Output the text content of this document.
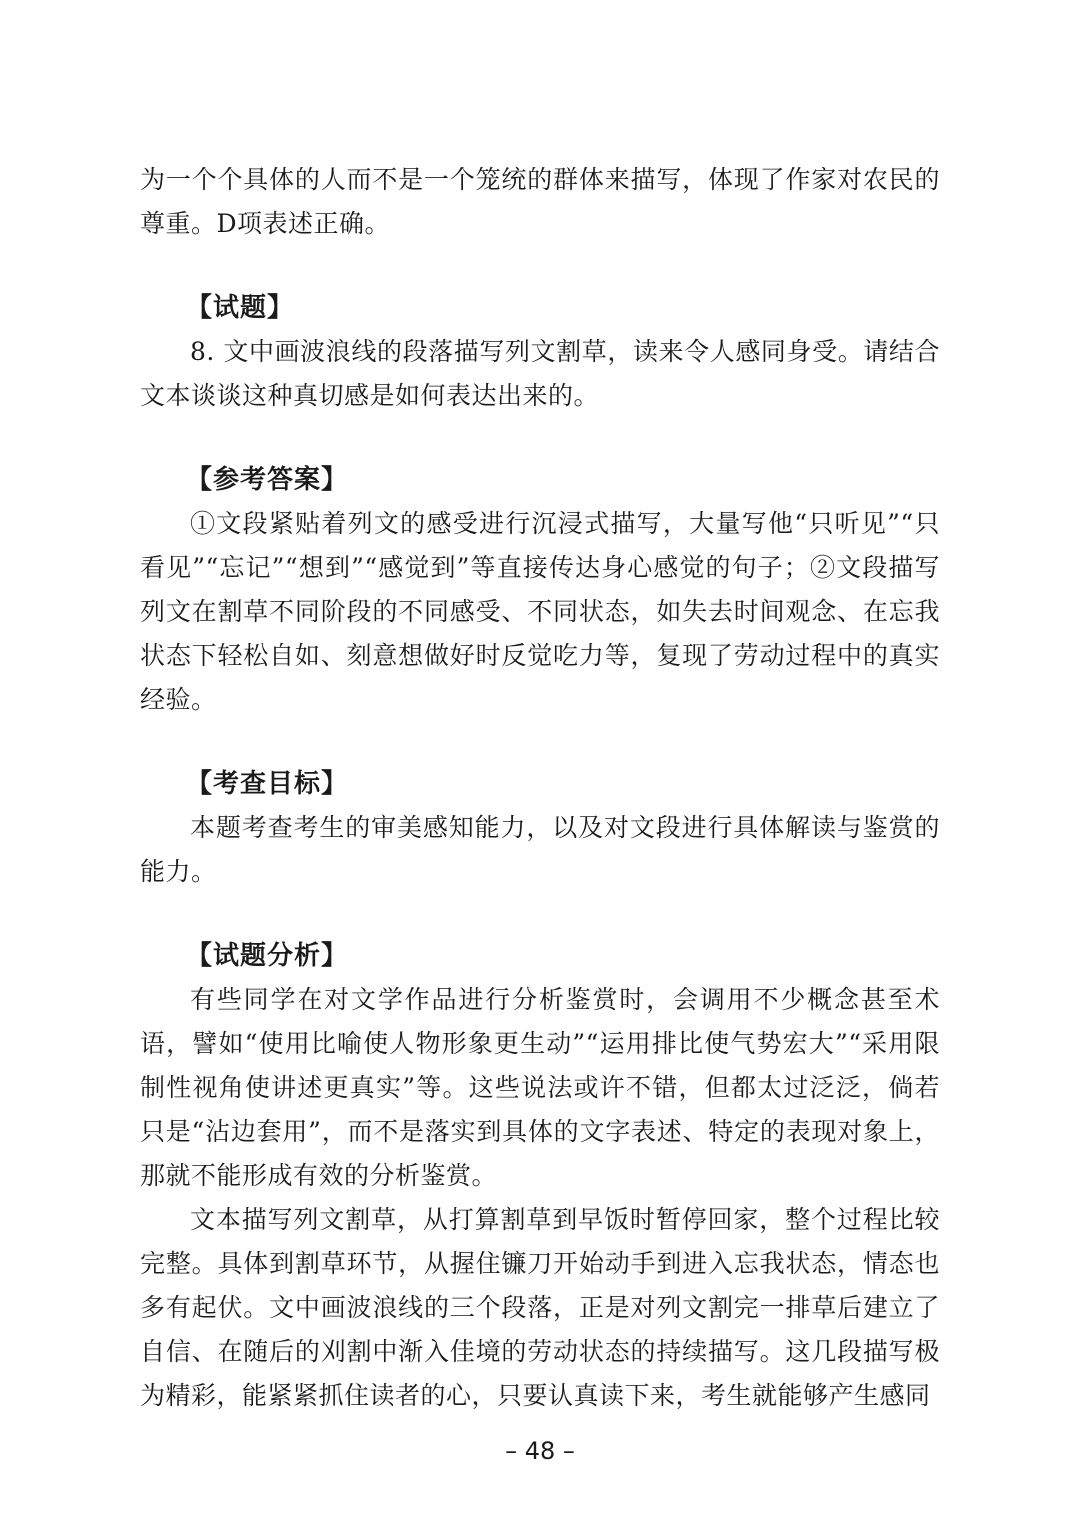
为一个个具体的人而不是一个笼统的群体来描写，体现了作家对农民的尊重。D项表述正确。

【试题】

8. 文中画波浪线的段落描写列文割草，读来令人感同身受。请结合文本谈谈这种真切感是如何表达出来的。

【参考答案】

①文段紧贴着列文的感受进行沉浸式描写，大量写他“只听见”“只看见”“忘记”“想到”“感觉到”等直接传达身心感觉的句子；②文段描写列文在割草不同阶段的不同感受、不同状态，如失去时间观念、在忘我状态下轻松自如、刻意想做好时反觉吃力等，复现了劳动过程中的真实经验。

【考查目标】

本题考查考生的审美感知能力，以及对文段进行具体解读与鉴赏的能力。

【试题分析】

有些同学在对文学作品进行分析鉴赏时，会调用不少概念甚至术语，譬如“使用比喻使人物形象更生动”“运用排比使气势宏大”“采用限制性视角使讲述更真实”等。这些说法或许不错，但都太过泛泛，倘若只是“沾边套用”，而不是落实到具体的文字表述、特定的表现对象上，那就不能形成有效的分析鉴赏。

文本描写列文割草，从打算割草到早饭时暂停回家，整个过程比较完整。具体到割草环节，从握住镰刀开始动手到进入忘我状态，情态也多有起伏。文中画波浪线的三个段落，正是对列文割完一排草后建立了自信、在随后的刈割中渐入佳境的劳动状态的持续描写。这几段描写极为精彩，能紧紧抓住读者的心，只要认真读下来，考生就能够产生感同

– 48 –
